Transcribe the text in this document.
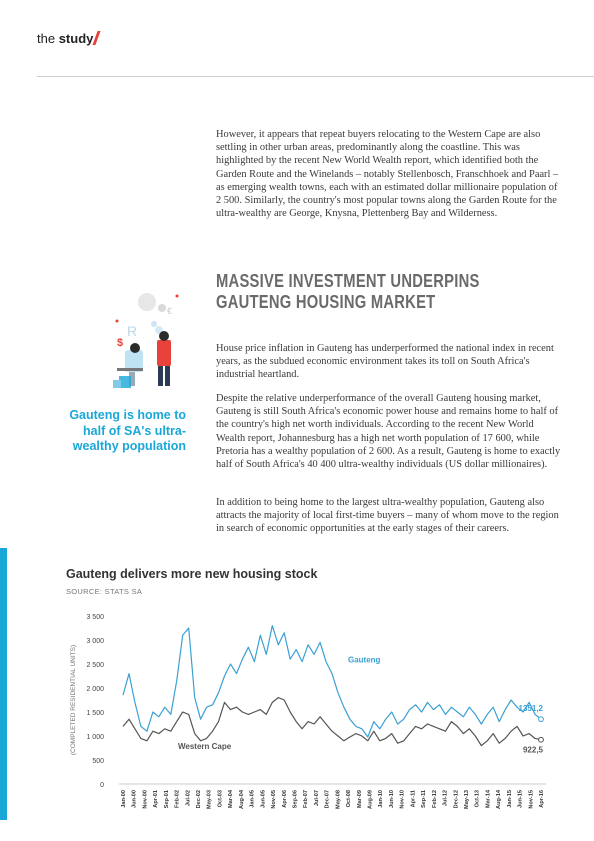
the study

However, it appears that repeat buyers relocating to the Western Cape are also settling in other urban areas, predominantly along the coastline. This was highlighted by the recent New World Wealth report, which identified both the Garden Route and the Winelands – notably Stellenbosch, Franschhoek and Paarl – as emerging wealth towns, each with an estimated dollar millionaire population of 2 500. Similarly, the country's most popular towns along the Garden Route for the ultra-wealthy are George, Knysna, Plettenberg Bay and Wilderness.

MASSIVE INVESTMENT UNDERPINS
GAUTENG HOUSING MARKET
€
R
$

Gauteng is home to half of SA's ultra-wealthy population

House price inflation in Gauteng has underperformed the national index in recent years, as the subdued economic environment takes its toll on South Africa's industrial heartland.

Despite the relative underperformance of the overall Gauteng housing market, Gauteng is still South Africa's economic power house and remains home to half of the country's high net worth individuals. According to the recent New World Wealth report, Johannesburg has a high net worth population of 17 600, while Pretoria has a wealthy population of 2 600. As a result, Gauteng is home to exactly half of South Africa's 40 400 ultra-wealthy individuals (US dollar millionaires).

In addition to being home to the largest ultra-wealthy population, Gauteng also attracts the majority of local first-time buyers – many of whom move to the region in search of economic opportunities at the early stages of their careers.

Gauteng delivers more new housing stock

SOURCE: STATS SA

(COMPLETED RESIDENTIAL UNITS)
0
500
1 000
1 500
2 000
2 500
3 000
3 500
Jan-00 Jun-00 Nov-00 Apr-01 Sep-01 Feb-02 Jul-02 Dec-02 May-03 Oct-03 Mar-04 Aug-04 Jan-05 Jun-05 Nov-05 Apr-06 Sep-06 Feb-07 Jul-07 Dec-07 May-08 Oct-08 Mar-09 Aug-09 Jan-10 Jun-10 Nov-10 Apr-11 Sep-11 Feb-12 Jul-12 Dec-12 May-13 Oct-13 Mar-14 Aug-14 Jan-15 Jun-15 Nov-15 Apr-16
1351,2
922,5
Gauteng
Western Cape
